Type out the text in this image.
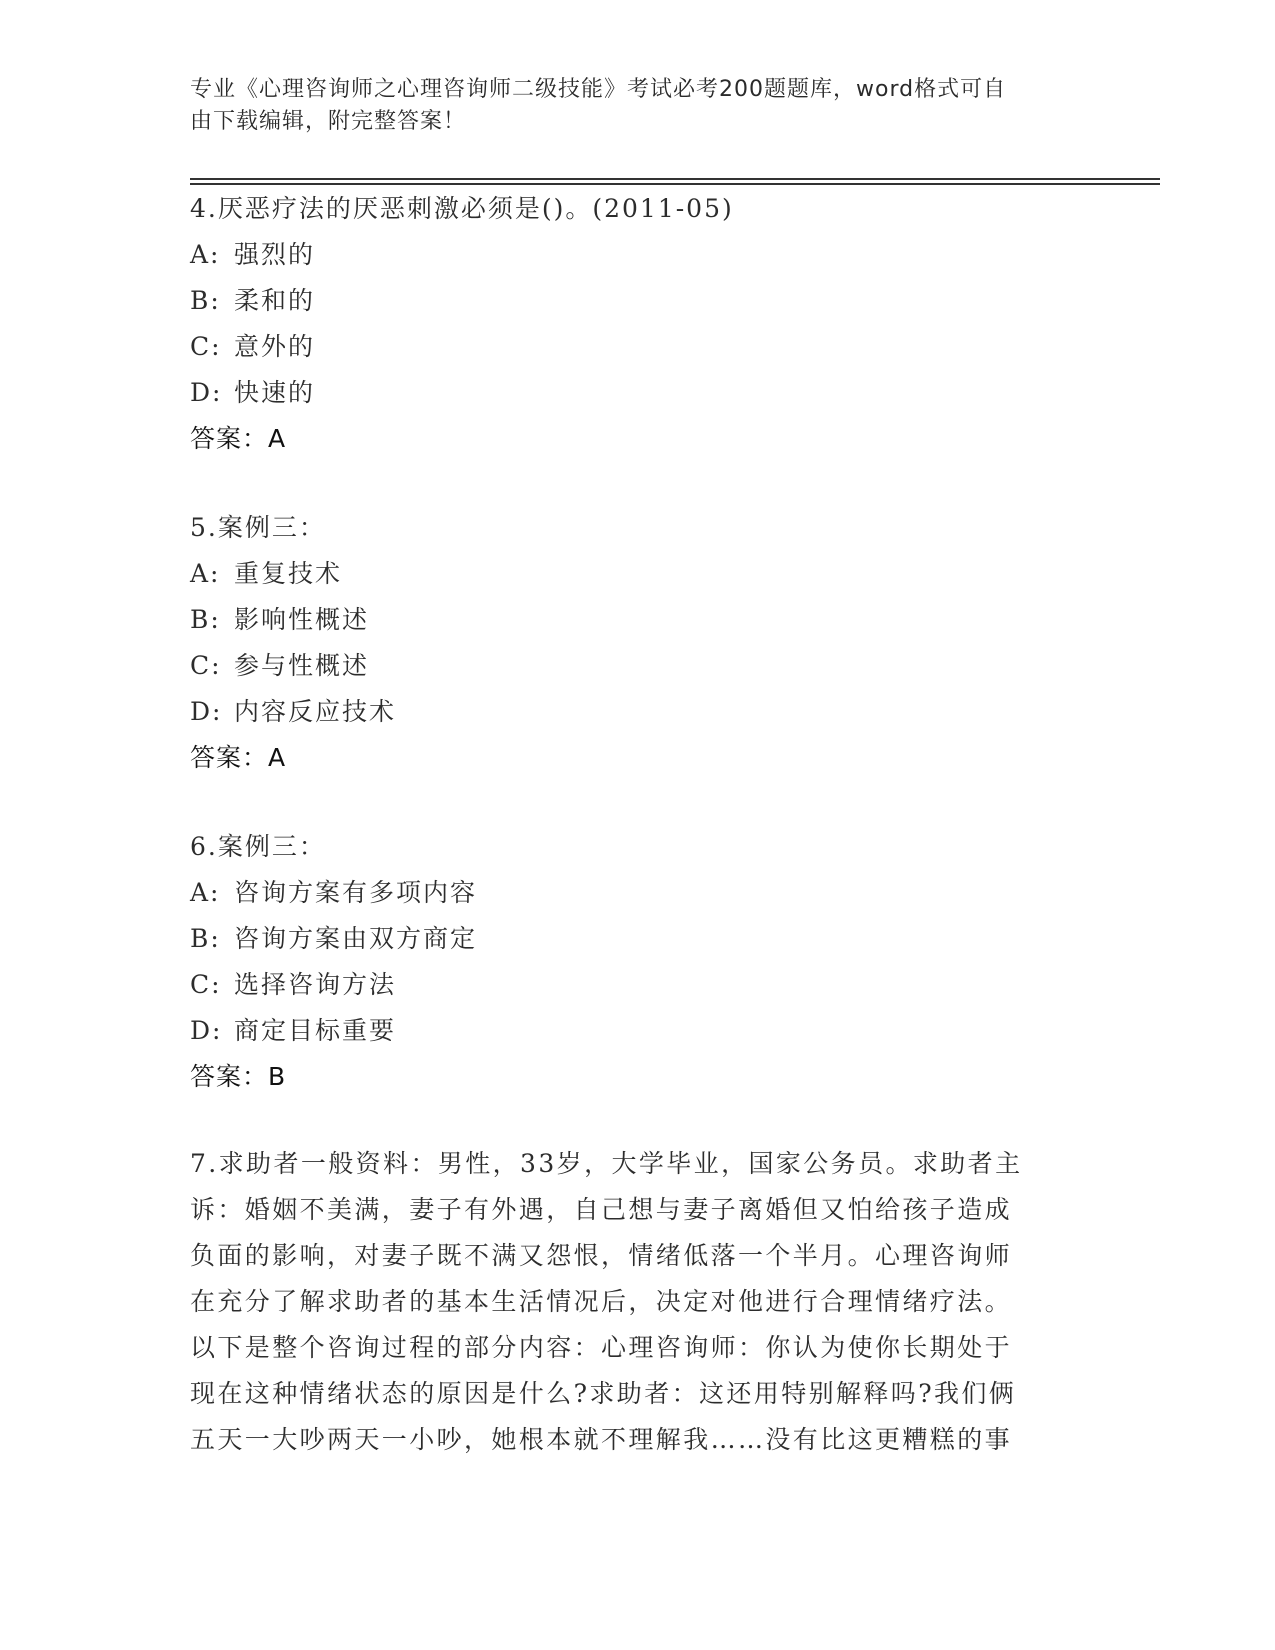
专业《心理咨询师之心理咨询师二级技能》考试必考200题题库，word格式可自
由下载编辑，附完整答案！
4.厌恶疗法的厌恶刺激必须是()。(2011-05)
A: 强烈的
B: 柔和的
C: 意外的
D: 快速的
答案：A
5.案例三：
A: 重复技术
B: 影响性概述
C: 参与性概述
D: 内容反应技术
答案：A
6.案例三：
A: 咨询方案有多项内容
B: 咨询方案由双方商定
C: 选择咨询方法
D: 商定目标重要
答案：B
7.求助者一般资料：男性，33岁，大学毕业，国家公务员。求助者主
诉：婚姻不美满，妻子有外遇，自己想与妻子离婚但又怕给孩子造成
负面的影响，对妻子既不满又怨恨，情绪低落一个半月。心理咨询师
在充分了解求助者的基本生活情况后，决定对他进行合理情绪疗法。
以下是整个咨询过程的部分内容：心理咨询师：你认为使你长期处于
现在这种情绪状态的原因是什么?求助者：这还用特别解释吗?我们俩
五天一大吵两天一小吵，她根本就不理解我……没有比这更糟糕的事
